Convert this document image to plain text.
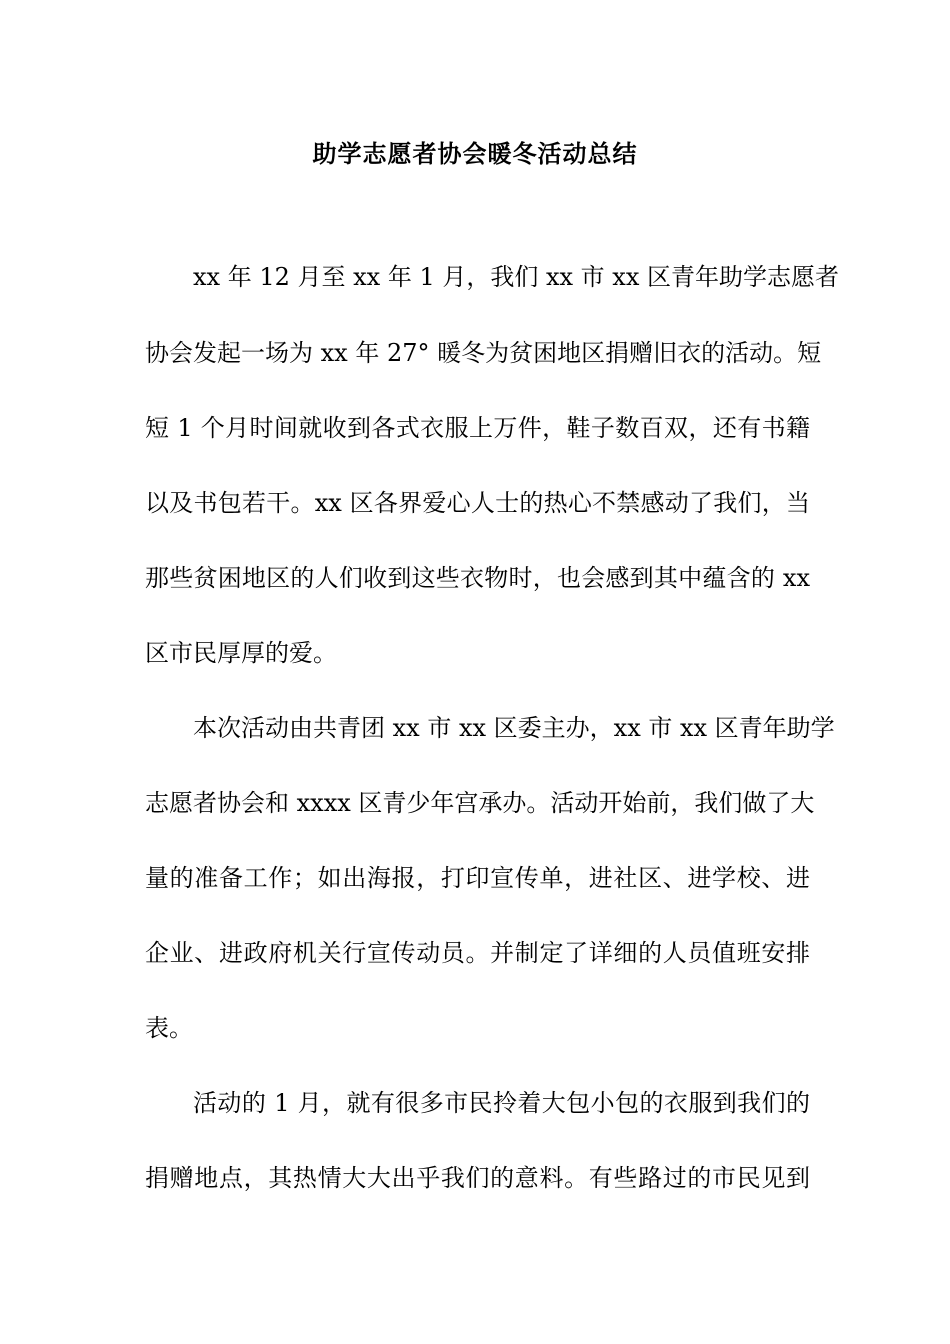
助学志愿者协会暖冬活动总结
xx 年 12 月至 xx 年 1 月，我们 xx 市 xx 区青年助学志愿者
协会发起一场为 xx 年 27° 暖冬为贫困地区捐赠旧衣的活动。短
短 1 个月时间就收到各式衣服上万件，鞋子数百双，还有书籍
以及书包若干。xx 区各界爱心人士的热心不禁感动了我们，当
那些贫困地区的人们收到这些衣物时，也会感到其中蕴含的 xx
区市民厚厚的爱。
本次活动由共青团 xx 市 xx 区委主办，xx 市 xx 区青年助学
志愿者协会和 xxxx 区青少年宫承办。活动开始前，我们做了大
量的准备工作；如出海报，打印宣传单，进社区、进学校、进
企业、进政府机关行宣传动员。并制定了详细的人员值班安排
表。
活动的 1 月，就有很多市民拎着大包小包的衣服到我们的
捐赠地点，其热情大大出乎我们的意料。有些路过的市民见到
